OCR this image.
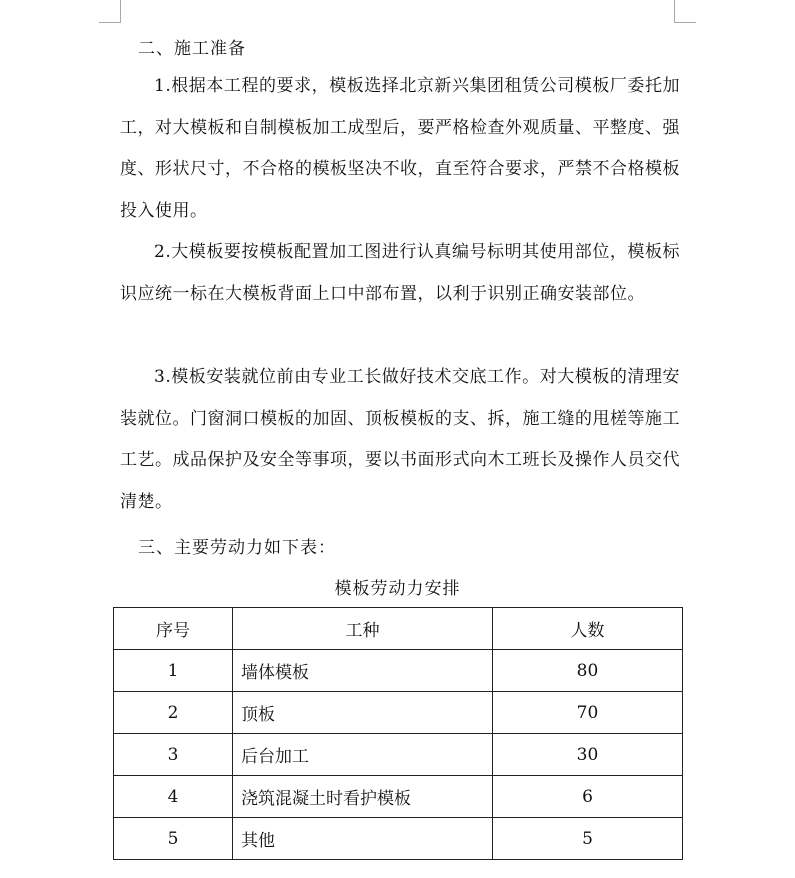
二、施工准备

1.根据本工程的要求，模板选择北京新兴集团租赁公司模板厂委托加工，对大模板和自制模板加工成型后，要严格检查外观质量、平整度、强度、形状尺寸，不合格的模板坚决不收，直至符合要求，严禁不合格模板投入使用。

2.大模板要按模板配置加工图进行认真编号标明其使用部位，模板标识应统一标在大模板背面上口中部布置，以利于识别正确安装部位。

3.模板安装就位前由专业工长做好技术交底工作。对大模板的清理安装就位。门窗洞口模板的加固、顶板模板的支、拆，施工缝的甩槎等施工工艺。成品保护及安全等事项，要以书面形式向木工班长及操作人员交代清楚。

三、主要劳动力如下表：

模板劳动力安排
序号	工种	人数
1	墙体模板	80
2	顶板	70
3	后台加工	30
4	浇筑混凝土时看护模板	6
5	其他	5
